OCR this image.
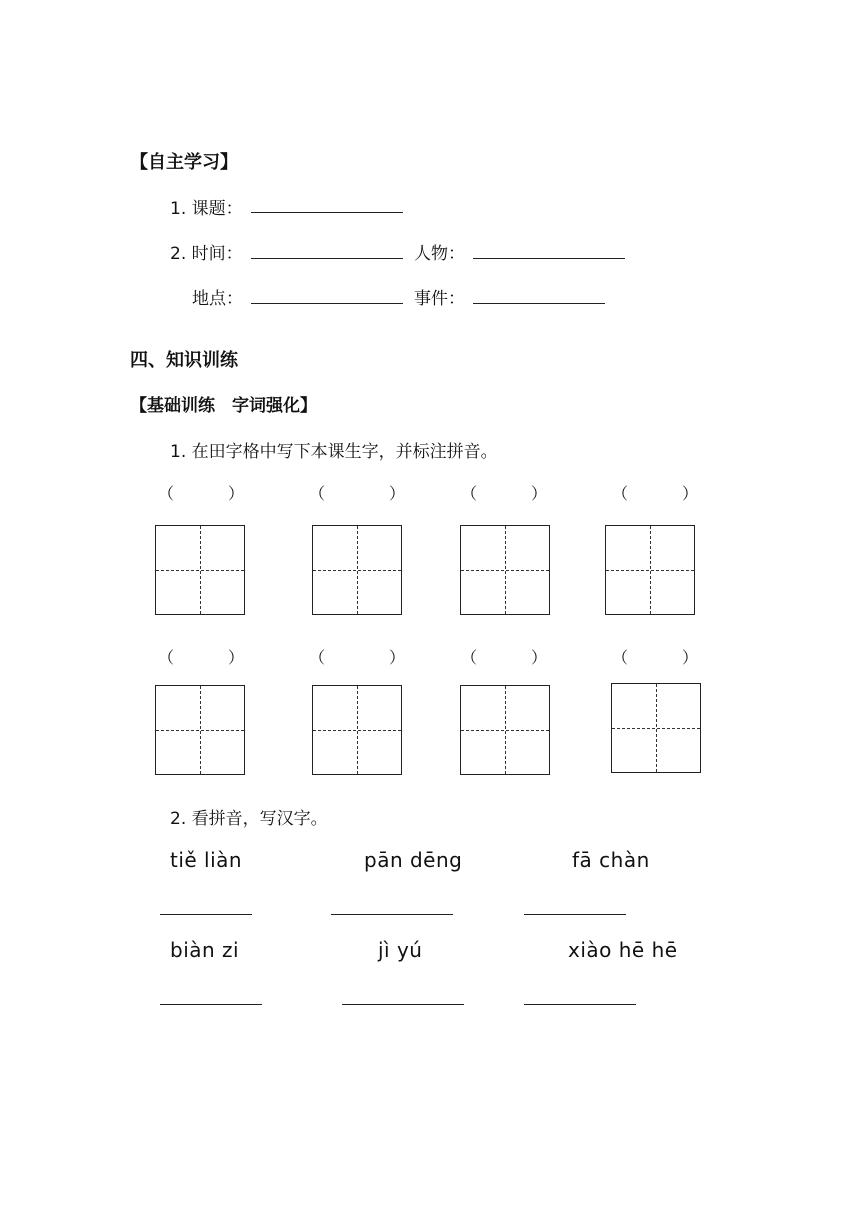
【自主学习】
1. 课题：
2. 时间：	人物：
地点：	事件：
四、知识训练
【基础训练　字词强化】
1. 在田字格中写下本课生字，并标注拼音。
（	）	（	）	（	）	（	）
（	）	（	）	（	）	（	）
2. 看拼音，写汉字。
tiě liàn	pān dēng	fā chàn
biàn zi	jì yú	xiào hē hē
